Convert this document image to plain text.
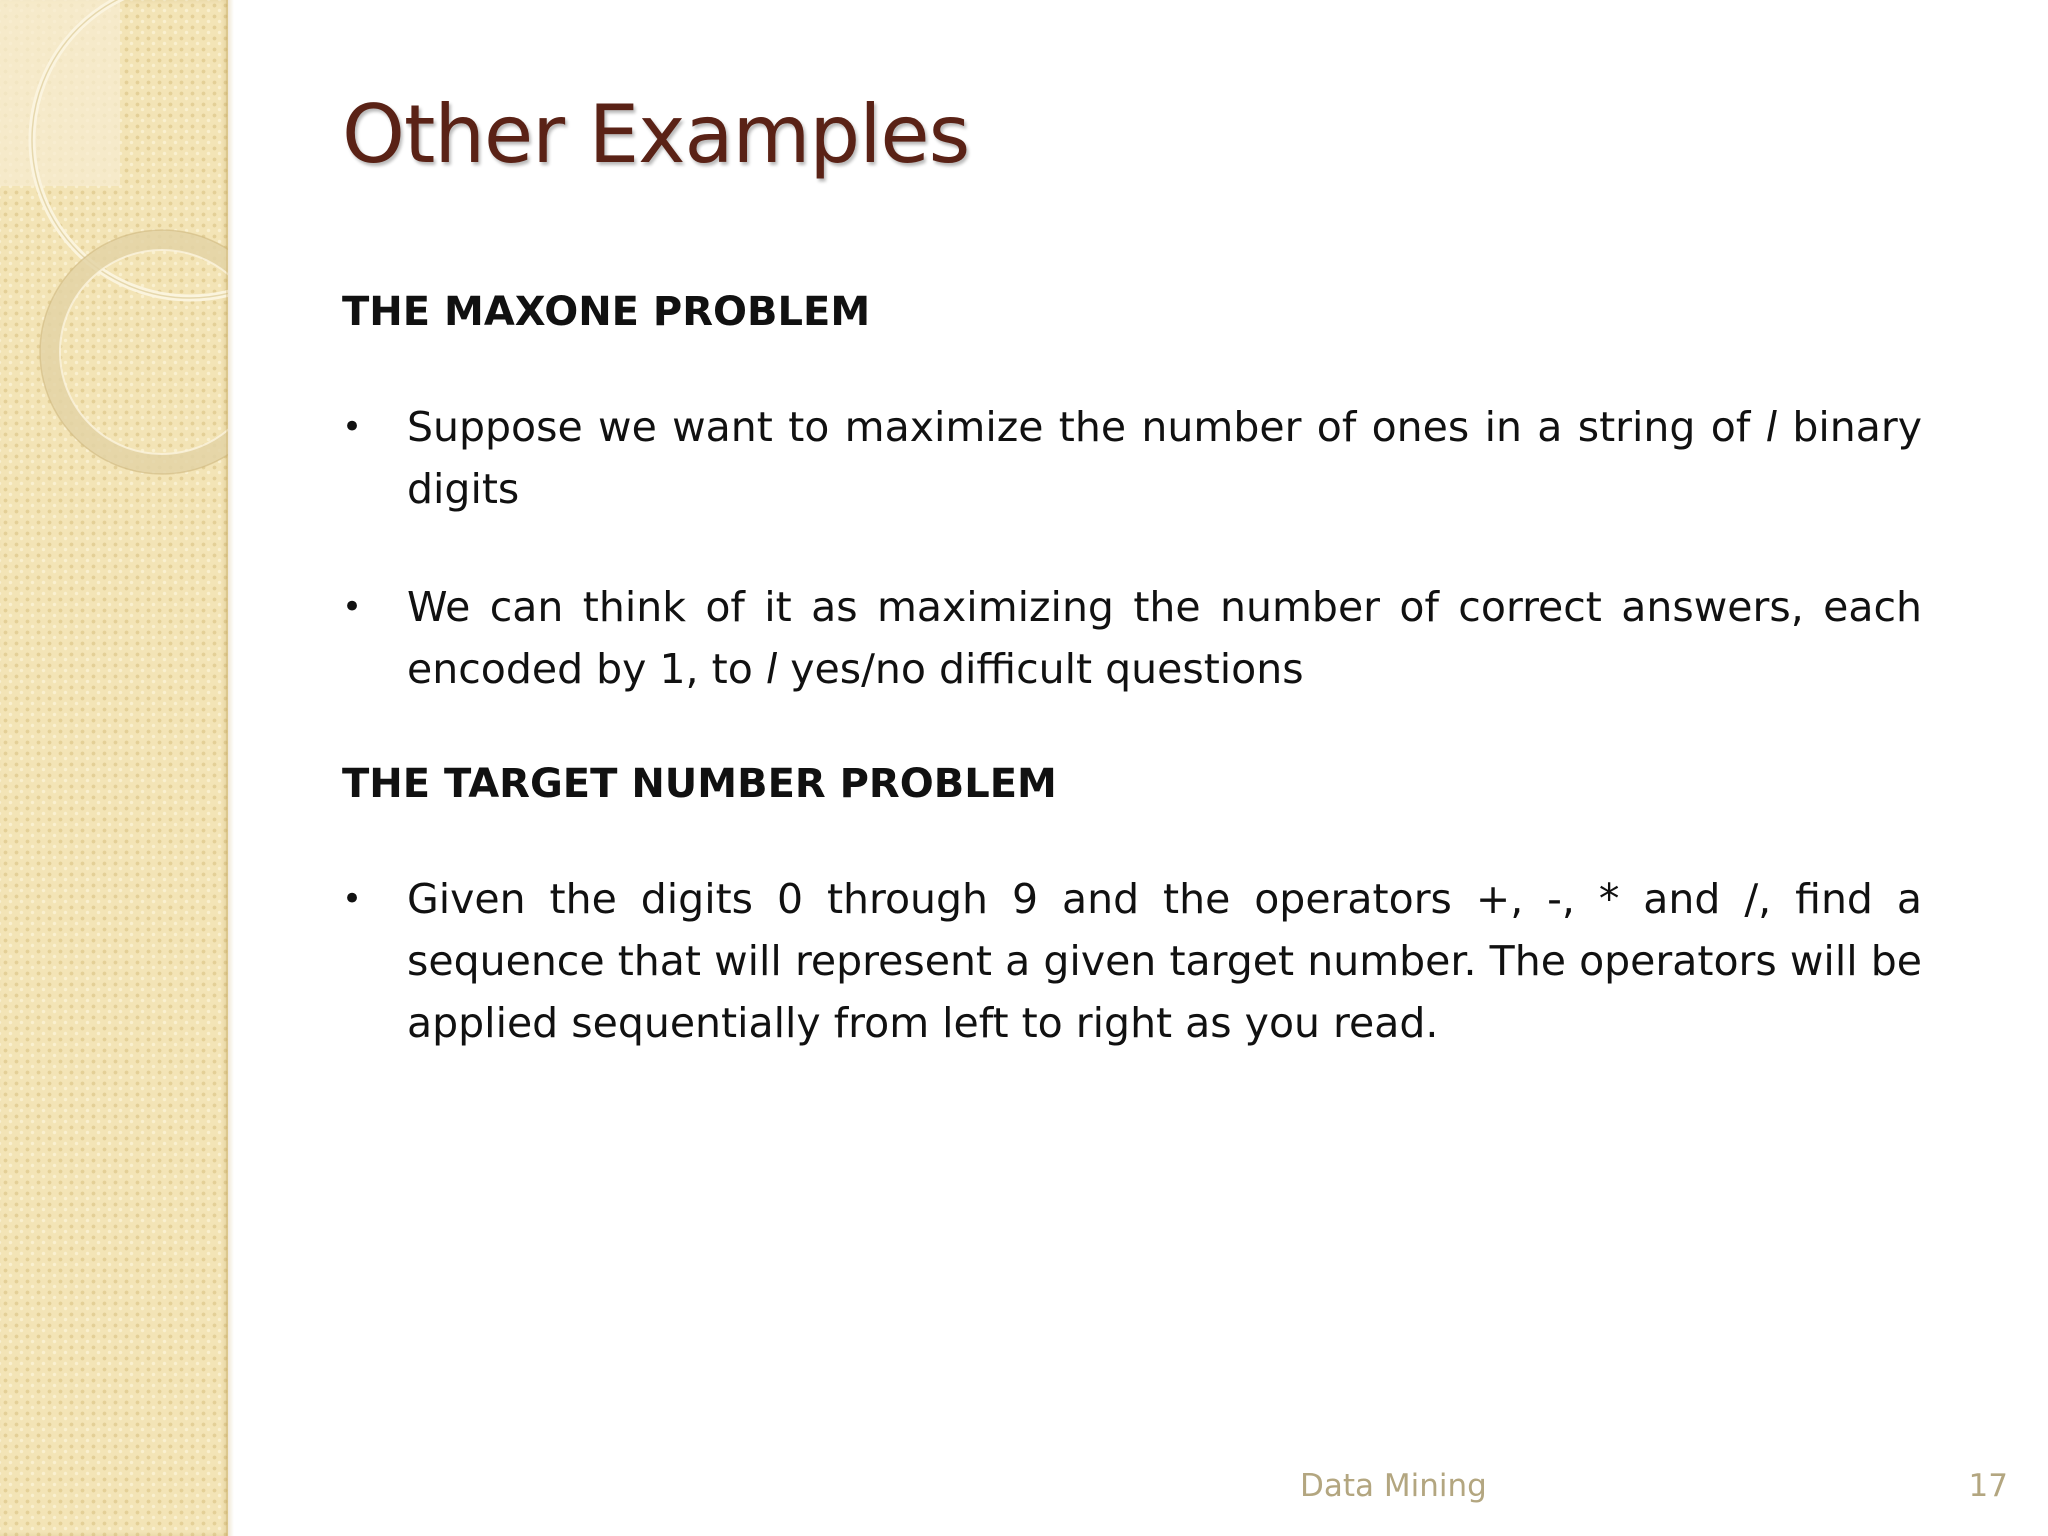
Other Examples

THE MAXONE PROBLEM

• Suppose we want to maximize the number of ones in a string of l binary digits

• We can think of it as maximizing the number of correct answers, each encoded by 1, to l yes/no difficult questions

THE TARGET NUMBER PROBLEM

• Given the digits 0 through 9 and the operators +, -, * and /, find a sequence that will represent a given target number. The operators will be applied sequentially from left to right as you read.

Data Mining	17
